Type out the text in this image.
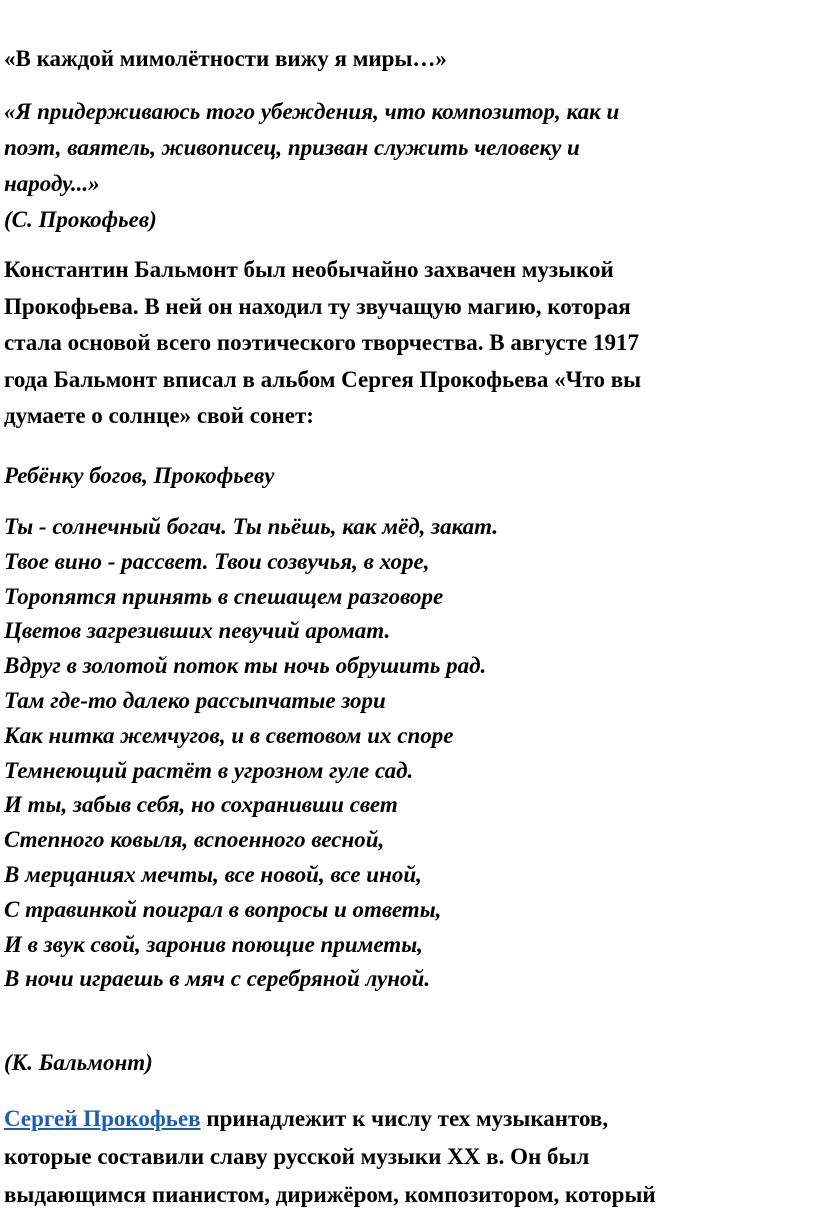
«В каждой мимолётности вижу я миры…»

«Я придерживаюсь того убеждения, что композитор, как и
поэт, ваятель, живописец, призван служить человеку и
народу...»
(С. Прокофьев)

Константин Бальмонт был необычайно захвачен музыкой
Прокофьева. В ней он находил ту звучащую магию, которая
стала основой всего поэтического творчества. В августе 1917
года Бальмонт вписал в альбом Сергея Прокофьева «Что вы
думаете о солнце» свой сонет:

Ребёнку богов, Прокофьеву

Ты - солнечный богач. Ты пьёшь, как мёд, закат.
Твое вино - рассвет. Твои созвучья, в хоре,
Торопятся принять в спешащем разговоре
Цветов загрезивших певучий аромат.
Вдруг в золотой поток ты ночь обрушить рад.
Там где-то далеко рассыпчатые зори
Как нитка жемчугов, и в световом их споре
Темнеющий растёт в угрозном гуле сад.
И ты, забыв себя, но сохранивши свет
Степного ковыля, вспоенного весной,
В мерцаниях мечты, все новой, все иной,
С травинкой поиграл в вопросы и ответы,
И в звук свой, заронив поющие приметы,
В ночи играешь в мяч с серебряной луной.

(К. Бальмонт)

Сергей Прокофьев принадлежит к числу тех музыкантов,
которые составили славу русской музыки XX в. Он был
выдающимся пианистом, дирижёром, композитором, который
